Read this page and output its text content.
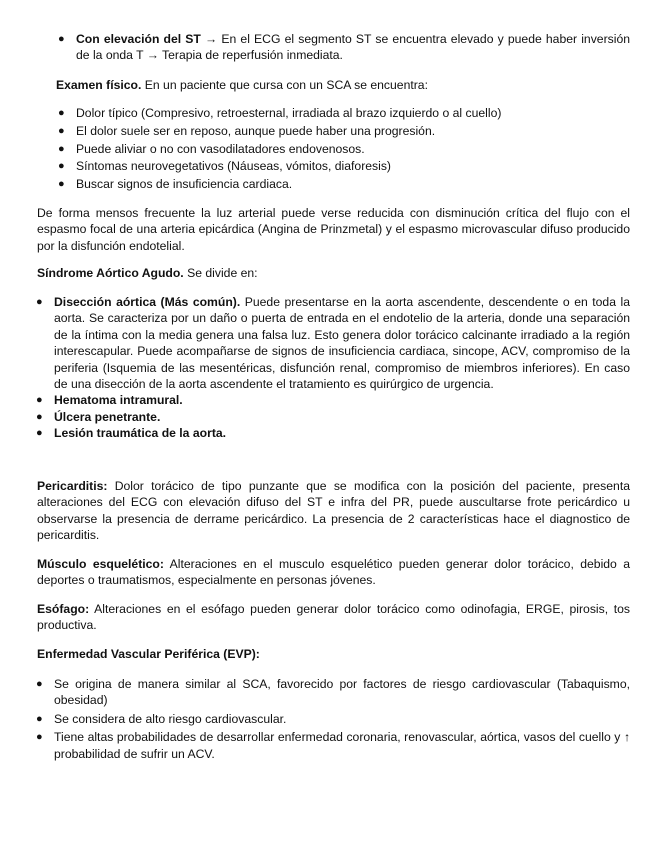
● Con elevación del ST → En el ECG el segmento ST se encuentra elevado y puede haber inversión de la onda T → Terapia de reperfusión inmediata.

Examen físico. En un paciente que cursa con un SCA se encuentra:

● Dolor típico (Compresivo, retroesternal, irradiada al brazo izquierdo o al cuello)
● El dolor suele ser en reposo, aunque puede haber una progresión.
● Puede aliviar o no con vasodilatadores endovenosos.
● Síntomas neurovegetativos (Náuseas, vómitos, diaforesis)
● Buscar signos de insuficiencia cardiaca.

De forma mensos frecuente la luz arterial puede verse reducida con disminución crítica del flujo con el espasmo focal de una arteria epicárdica (Angina de Prinzmetal) y el espasmo microvascular difuso producido por la disfunción endotelial.

Síndrome Aórtico Agudo. Se divide en:

● Disección aórtica (Más común). Puede presentarse en la aorta ascendente, descendente o en toda la aorta. Se caracteriza por un daño o puerta de entrada en el endotelio de la arteria, donde una separación de la íntima con la media genera una falsa luz. Esto genera dolor torácico calcinante irradiado a la región interescapular. Puede acompañarse de signos de insuficiencia cardiaca, sincope, ACV, compromiso de la periferia (Isquemia de las mesentéricas, disfunción renal, compromiso de miembros inferiores). En caso de una disección de la aorta ascendente el tratamiento es quirúrgico de urgencia.
● Hematoma intramural.
● Úlcera penetrante.
● Lesión traumática de la aorta.

Pericarditis: Dolor torácico de tipo punzante que se modifica con la posición del paciente, presenta alteraciones del ECG con elevación difuso del ST e infra del PR, puede auscultarse frote pericárdico u observarse la presencia de derrame pericárdico. La presencia de 2 características hace el diagnostico de pericarditis.

Músculo esquelético: Alteraciones en el musculo esquelético pueden generar dolor torácico, debido a deportes o traumatismos, especialmente en personas jóvenes.

Esófago: Alteraciones en el esófago pueden generar dolor torácico como odinofagia, ERGE, pirosis, tos productiva.

Enfermedad Vascular Periférica (EVP):

● Se origina de manera similar al SCA, favorecido por factores de riesgo cardiovascular (Tabaquismo, obesidad)
● Se considera de alto riesgo cardiovascular.
● Tiene altas probabilidades de desarrollar enfermedad coronaria, renovascular, aórtica, vasos del cuello y ↑ probabilidad de sufrir un ACV.
